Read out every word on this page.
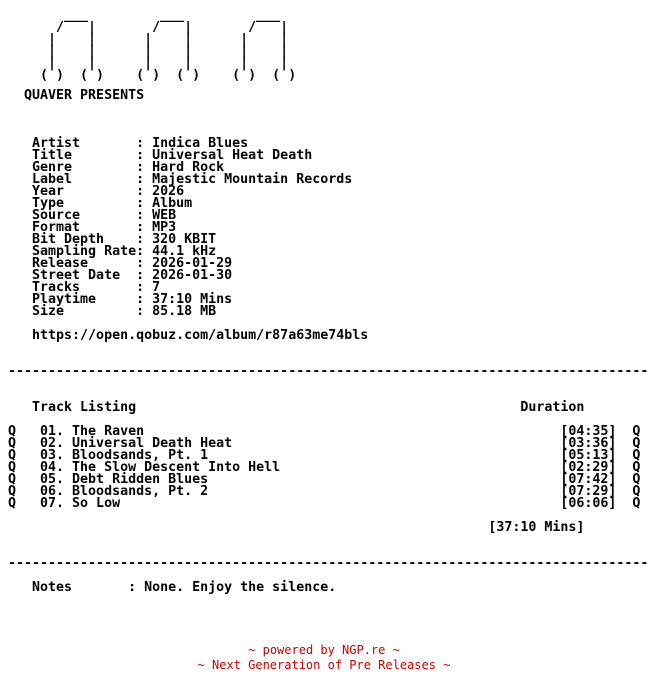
___         ___         ___
/   |       /   |       /   |
|    |      |    |      |    |
|    |      |    |      |    |
|    |      |    |      |    |
( )  ( )    ( )  ( )    ( )  ( )

QUAVER PRESENTS

Artist       : Indica Blues
Title        : Universal Heat Death
Genre        : Hard Rock
Label        : Majestic Mountain Records
Year         : 2026
Type         : Album
Source       : WEB
Format       : MP3
Bit Depth    : 320 KBIT
Sampling Rate: 44.1 kHz
Release      : 2026-01-29
Street Date  : 2026-01-30
Tracks       : 7
Playtime     : 37:10 Mins
Size         : 85.18 MB

https://open.qobuz.com/album/r87a63me74bls

--------------------------------------------------------------------------------

Track Listing                                                Duration

Q   01. The Raven                                                    [04:35]  Q
Q   02. Universal Death Heat                                         [03:36]  Q
Q   03. Bloodsands, Pt. 1                                            [05:13]  Q
Q   04. The Slow Descent Into Hell                                   [02:29]  Q
Q   05. Debt Ridden Blues                                            [07:42]  Q
Q   06. Bloodsands, Pt. 2                                            [07:29]  Q
Q   07. So Low                                                       [06:06]  Q

[37:10 Mins]

--------------------------------------------------------------------------------

Notes       : None. Enjoy the silence.

~ powered by NGP.re ~
~ Next Generation of Pre Releases ~
